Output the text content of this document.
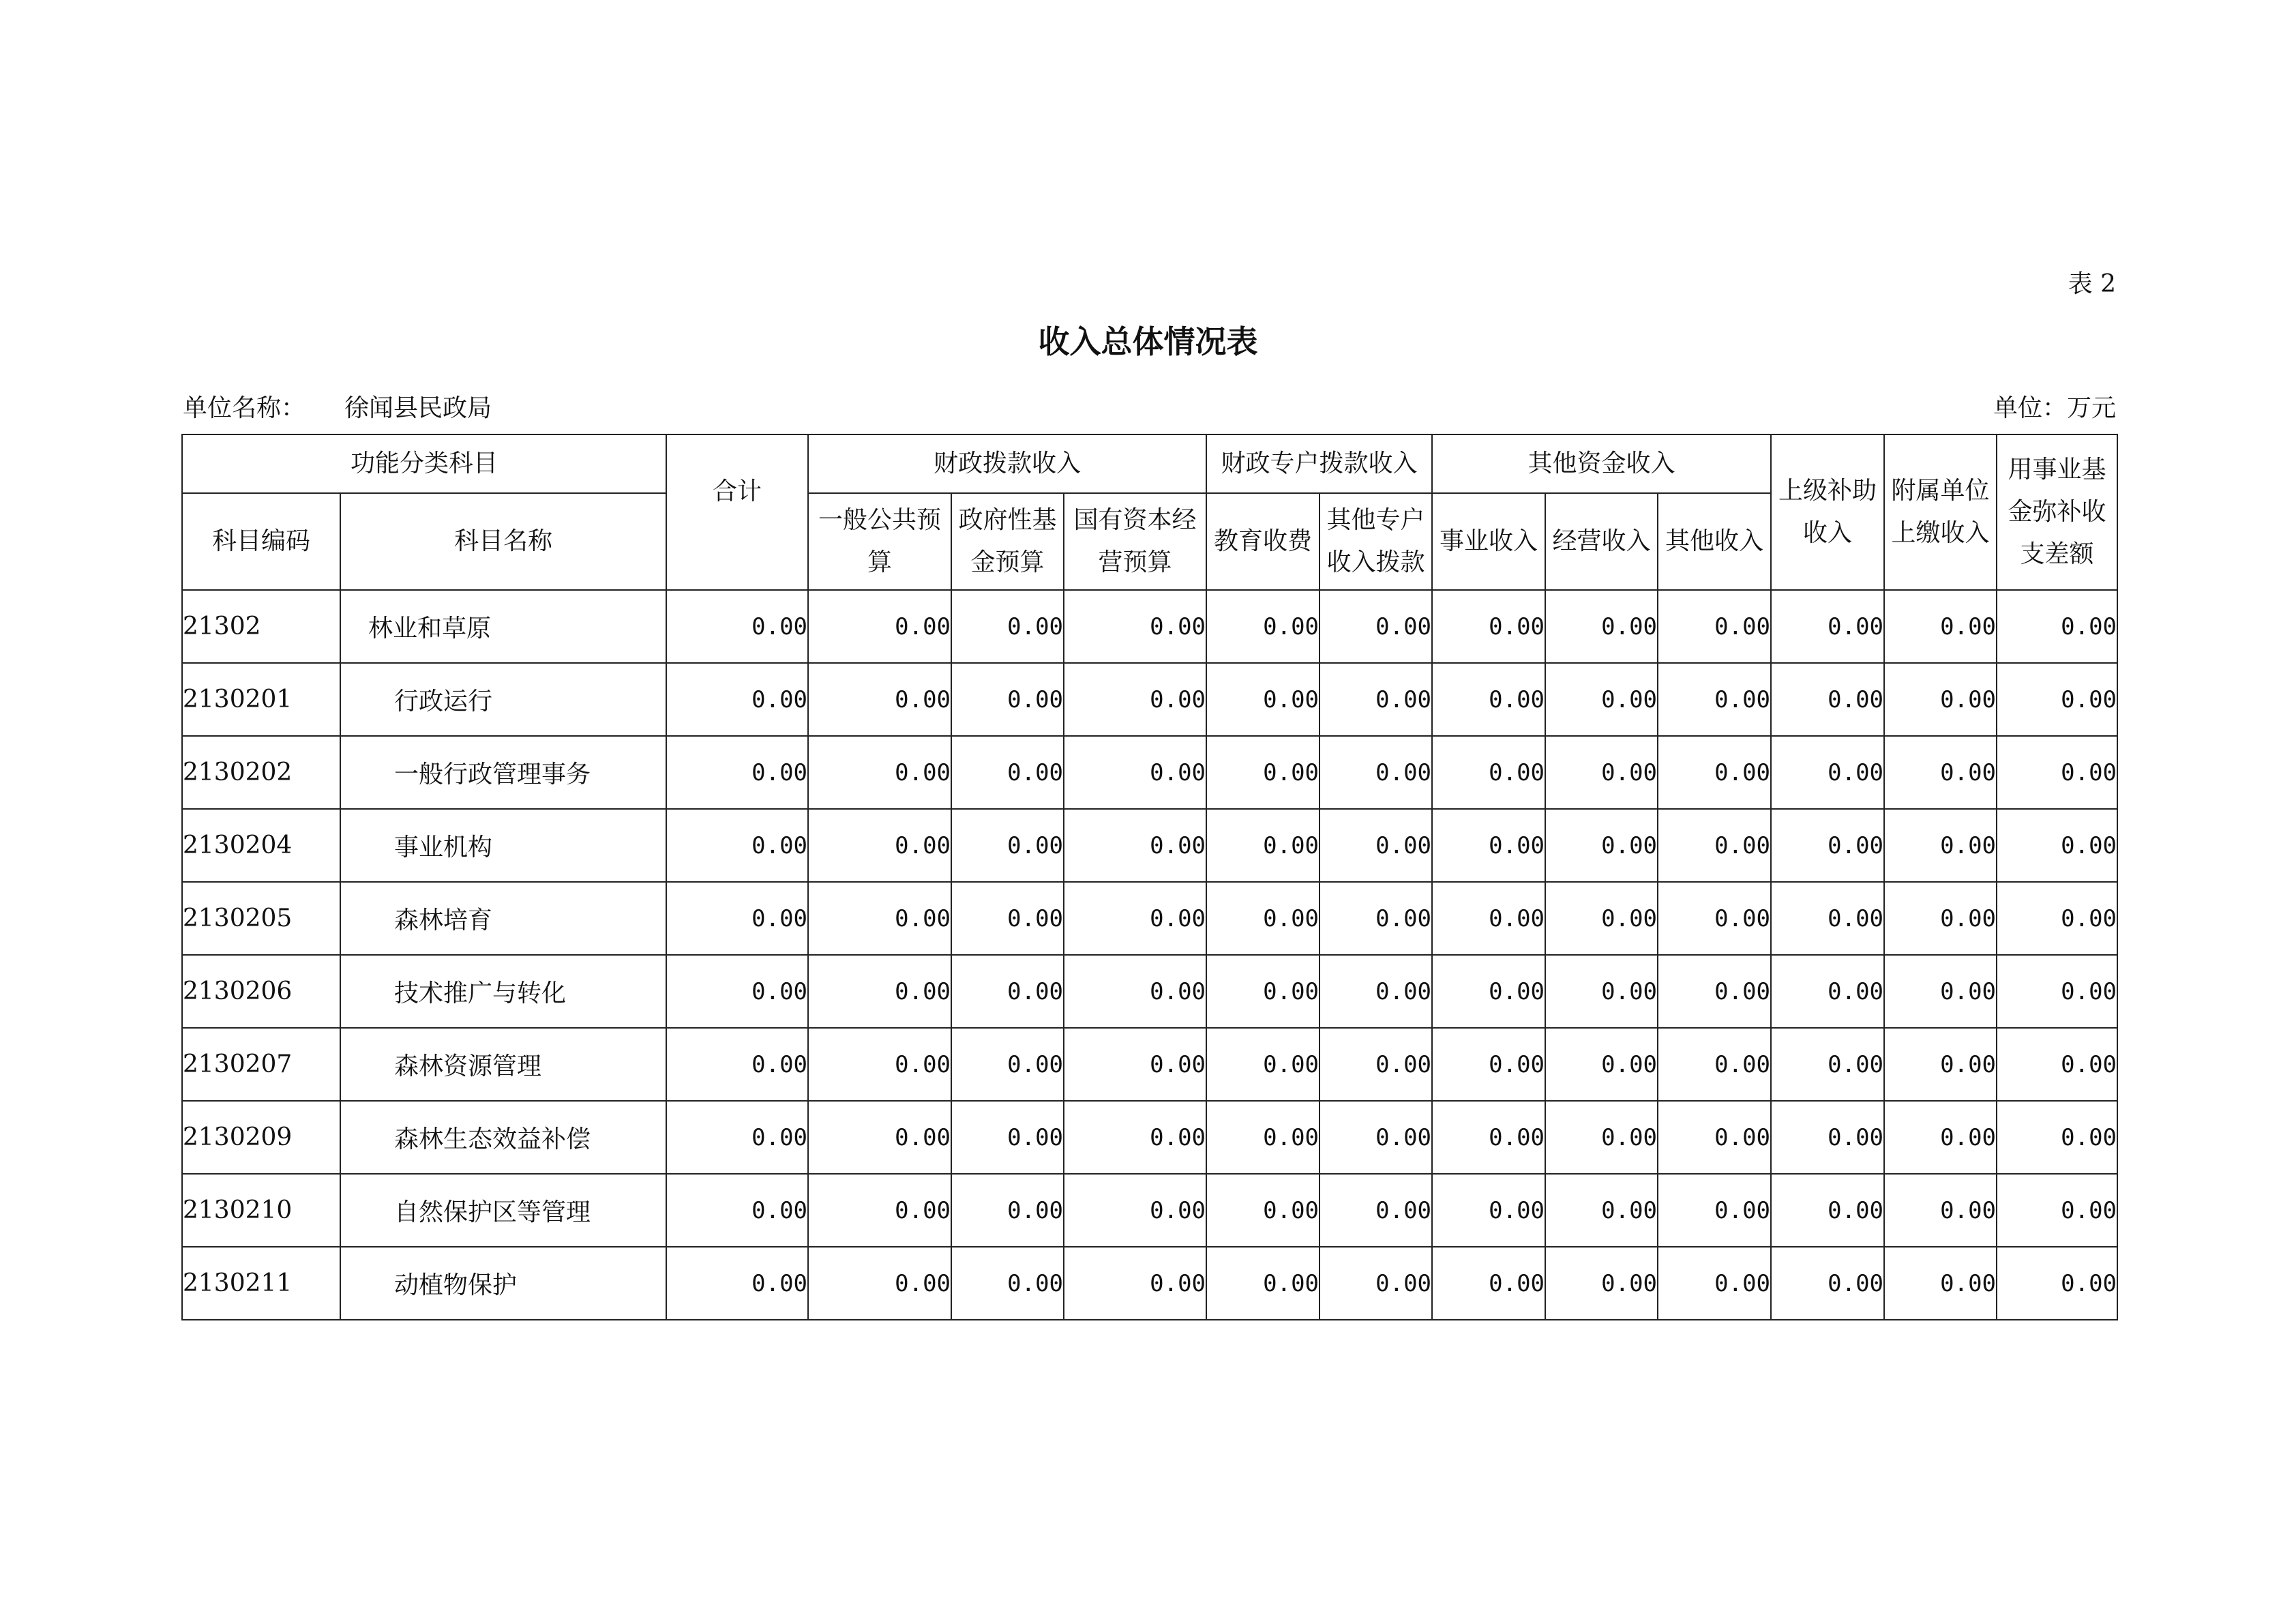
表 2
收入总体情况表
单位名称： 徐闻县民政局	单位：万元
功能分类科目		合计	财政拨款收入			财政专户拨款收入		其他资金收入			上级补助收入	附属单位上缴收入	用事业基金弥补收支差额
科目编码	科目名称		一般公共预算	政府性基金预算	国有资本经营预算	教育收费	其他专户收入拨款	事业收入	经营收入	其他收入			
21302	林业和草原	0.00	0.00	0.00	0.00	0.00	0.00	0.00	0.00	0.00	0.00	0.00	0.00
2130201	行政运行	0.00	0.00	0.00	0.00	0.00	0.00	0.00	0.00	0.00	0.00	0.00	0.00
2130202	一般行政管理事务	0.00	0.00	0.00	0.00	0.00	0.00	0.00	0.00	0.00	0.00	0.00	0.00
2130204	事业机构	0.00	0.00	0.00	0.00	0.00	0.00	0.00	0.00	0.00	0.00	0.00	0.00
2130205	森林培育	0.00	0.00	0.00	0.00	0.00	0.00	0.00	0.00	0.00	0.00	0.00	0.00
2130206	技术推广与转化	0.00	0.00	0.00	0.00	0.00	0.00	0.00	0.00	0.00	0.00	0.00	0.00
2130207	森林资源管理	0.00	0.00	0.00	0.00	0.00	0.00	0.00	0.00	0.00	0.00	0.00	0.00
2130209	森林生态效益补偿	0.00	0.00	0.00	0.00	0.00	0.00	0.00	0.00	0.00	0.00	0.00	0.00
2130210	自然保护区等管理	0.00	0.00	0.00	0.00	0.00	0.00	0.00	0.00	0.00	0.00	0.00	0.00
2130211	动植物保护	0.00	0.00	0.00	0.00	0.00	0.00	0.00	0.00	0.00	0.00	0.00	0.00
